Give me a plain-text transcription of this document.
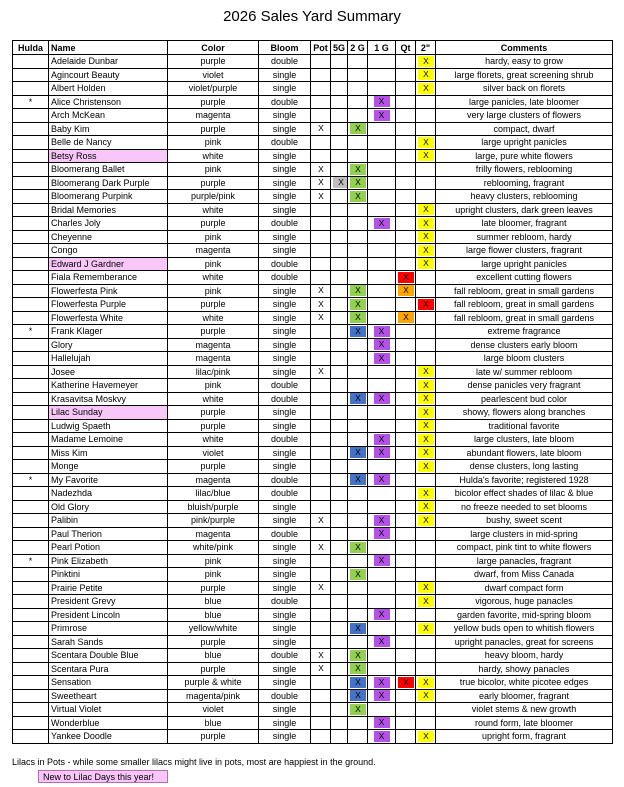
2026 Sales Yard Summary
Hulda	Name	Color	Bloom	Pot	5G	2 G	1 G	Qt	2"	Comments
	Adelaide Dunbar	purple	double						X	hardy, easy to grow
	Agincourt Beauty	violet	single						X	large florets, great screening shrub
	Albert Holden	violet/purple	single						X	silver back on florets
*	Alice Christenson	purple	double				X			large panicles, late bloomer
	Arch McKean	magenta	single				X			very large clusters of flowers
	Baby Kim	purple	single	X		X				compact, dwarf
	Belle de Nancy	pink	double						X	large upright panicles
	Betsy Ross	white	single						X	large, pure white flowers
	Bloomerang Ballet	pink	single	X		X				frilly flowers, reblooming
	Bloomerang Dark Purple	purple	single	X	X	X				reblooming, fragrant
	Bloomerang Purpink	purple/pink	single	X		X				heavy clusters, reblooming
	Bridal Memories	white	single						X	upright clusters, dark green leaves
	Charles Joly	purple	double				X		X	late bloomer, fragrant
	Cheyenne	pink	single						X	summer rebloom, hardy
	Congo	magenta	single						X	large flower clusters, fragrant
	Edward J Gardner	pink	double						X	large upright panicles
	Fiala Rememberance	white	double					X		excellent cutting flowers
	Flowerfesta Pink	pink	single	X		X		X		fall rebloom, great in small gardens
	Flowerfesta Purple	purple	single	X		X			X	fall rebloom, great in small gardens
	Flowerfesta White	white	single	X		X		X		fall rebloom, great in small gardens
*	Frank Klager	purple	single			X	X			extreme fragrance
	Glory	magenta	single				X			dense clusters early bloom
	Hallelujah	magenta	single				X			large bloom clusters
	Josee	lilac/pink	single	X					X	late w/ summer rebloom
	Katherine Havemeyer	pink	double						X	dense panicles very fragrant
	Krasavitsa Moskvy	white	double			X	X		X	pearlescent bud color
	Lilac Sunday	purple	single						X	showy, flowers along branches
	Ludwig Spaeth	purple	single						X	traditional favorite
	Madame Lemoine	white	double				X		X	large clusters, late bloom
	Miss Kim	violet	single			X	X		X	abundant flowers, late bloom
	Monge	purple	single						X	dense clusters, long lasting
*	My Favorite	magenta	double			X	X			Hulda's favorite; registered 1928
	Nadezhda	lilac/blue	double						X	bicolor effect shades of lilac & blue
	Old Glory	bluish/purple	single						X	no freeze needed to set blooms
	Palibin	pink/purple	single	X			X		X	bushy, sweet scent
	Paul Therion	magenta	double				X			large clusters in mid-spring
	Pearl Potion	white/pink	single	X		X				compact, pink tint to white flowers
*	Pink Elizabeth	pink	single				X			large panacles, fragrant
	Pinktini	pink	single			X				dwarf, from Miss Canada
	Prairie Petite	purple	single	X					X	dwarf compact form
	President Grevy	blue	double						X	vigorous, huge panacles
	President Lincoln	blue	single				X			garden favorite, mid-spring bloom
	Primrose	yellow/white	single			X			X	yellow buds open to whitish flowers
	Sarah Sands	purple	single				X			upright panacles, great for screens
	Scentara Double Blue	blue	double	X		X				heavy bloom, hardy
	Scentara Pura	purple	single	X		X				hardy, showy panacles
	Sensation	purple & white	single			X	X	X	X	true bicolor, white picotee edges
	Sweetheart	magenta/pink	double			X	X		X	early bloomer, fragrant
	Virtual Violet	violet	single			X				violet stems & new growth
	Wonderblue	blue	single				X			round form, late bloomer
	Yankee Doodle	purple	single				X		X	upright form, fragrant
Lilacs in Pots - while some smaller lilacs might live in pots, most are happiest in the ground.
New to Lilac Days this year!
